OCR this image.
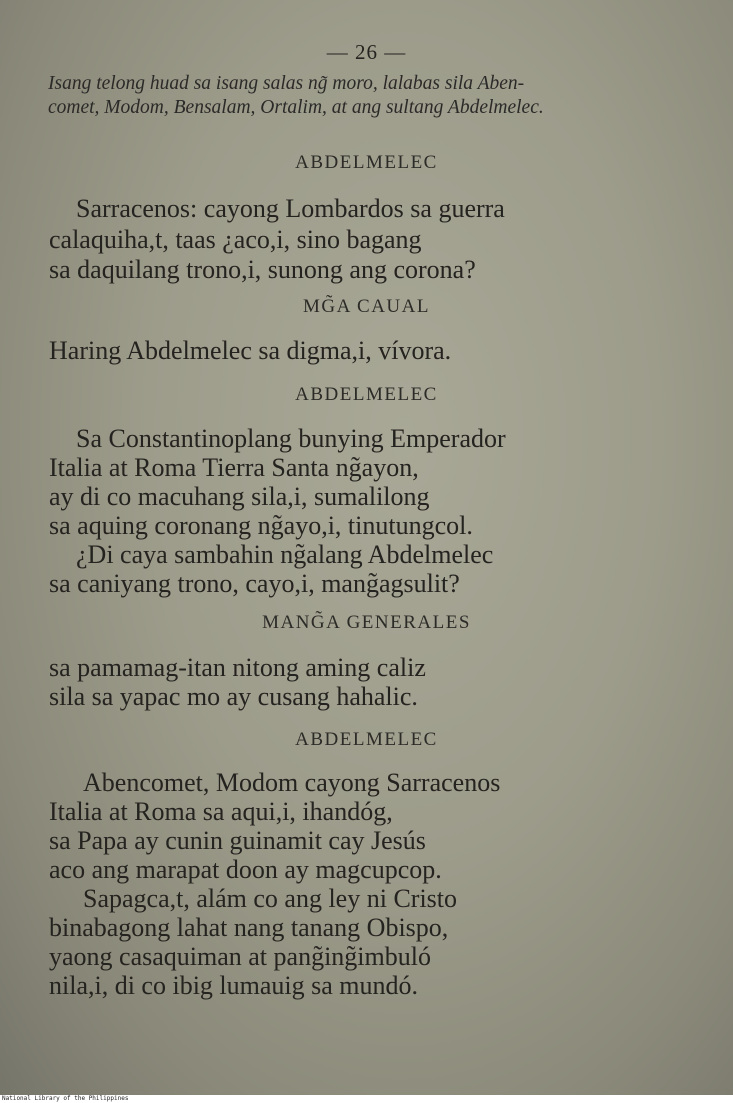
— 26 —
Isang telong huad sa isang salas ng̃ moro, lalabas sila Aben-
comet, Modom, Bensalam, Ortalim, at ang sultang Abdelmelec.
ABDELMELEC
Sarracenos: cayong Lombardos sa guerra
calaquiha,t, taas ¿aco,i, sino bagang
sa daquilang trono,i, sunong ang corona?
MG̃A CAUAL
Haring Abdelmelec sa digma,i, vívora.
ABDELMELEC
Sa Constantinoplang bunying Emperador
Italia at Roma Tierra Santa ng̃ayon,
ay di co macuhang sila,i, sumalilong
sa aquing coronang ng̃ayo,i, tinutungcol.
¿Di caya sambahin ng̃alang Abdelmelec
sa caniyang trono, cayo,i, mang̃agsulit?
MANG̃A GENERALES
sa pamamag-itan nitong aming caliz
sila sa yapac mo ay cusang hahalic.
ABDELMELEC
Abencomet, Modom cayong Sarracenos
Italia at Roma sa aqui,i, ihandóg,
sa Papa ay cunin guinamit cay Jesús
aco ang marapat doon ay magcupcop.
Sapagca,t, alám co ang ley ni Cristo
binabagong lahat nang tanang Obispo,
yaong casaquiman at pang̃ing̃imbuló
nila,i, di co ibig lumauig sa mundó.
National Library of the Philippines
